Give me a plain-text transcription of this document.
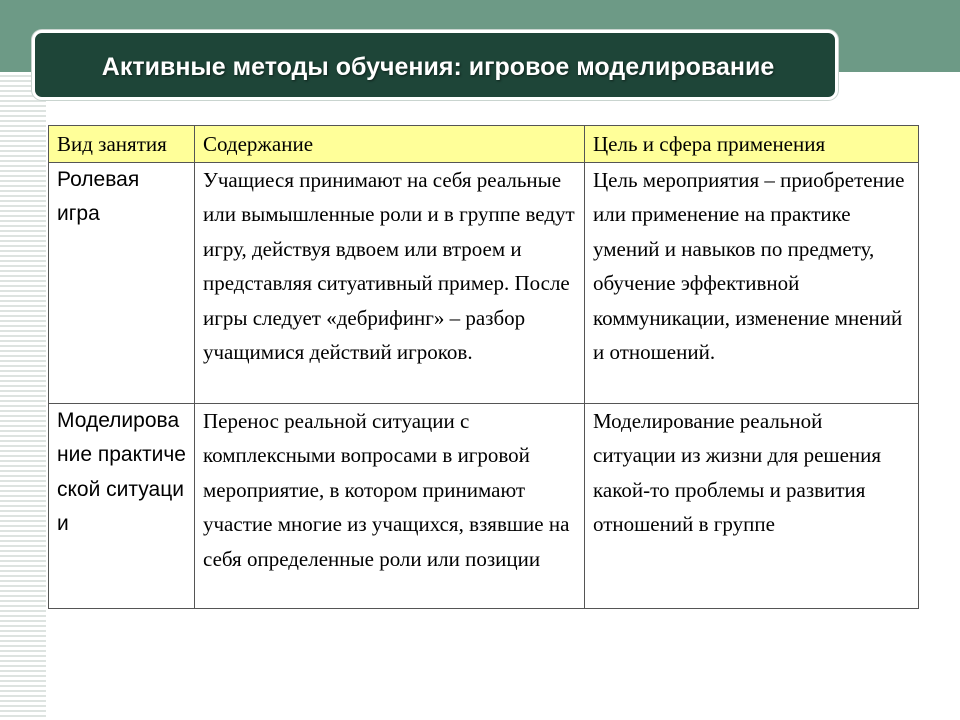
Активные методы обучения: игровое моделирование
Вид занятия	Содержание	Цель и сфера применения
Ролевая игра	Учащиеся принимают на себя реальные или вымышленные роли и в группе ведут игру, действуя вдвоем или втроем и представляя ситуативный пример. После игры следует «дебрифинг» – разбор учащимися действий игроков.	Цель мероприятия – приобретение или применение на практике умений и навыков по предмету, обучение эффективной коммуникации, изменение мнений и отношений.
Моделирование практической ситуации	Перенос реальной ситуации с комплексными вопросами в игровой мероприятие, в котором принимают участие многие из учащихся, взявшие на себя определенные роли или позиции	Моделирование реальной ситуации из жизни для решения какой-то проблемы и развития отношений в группе
